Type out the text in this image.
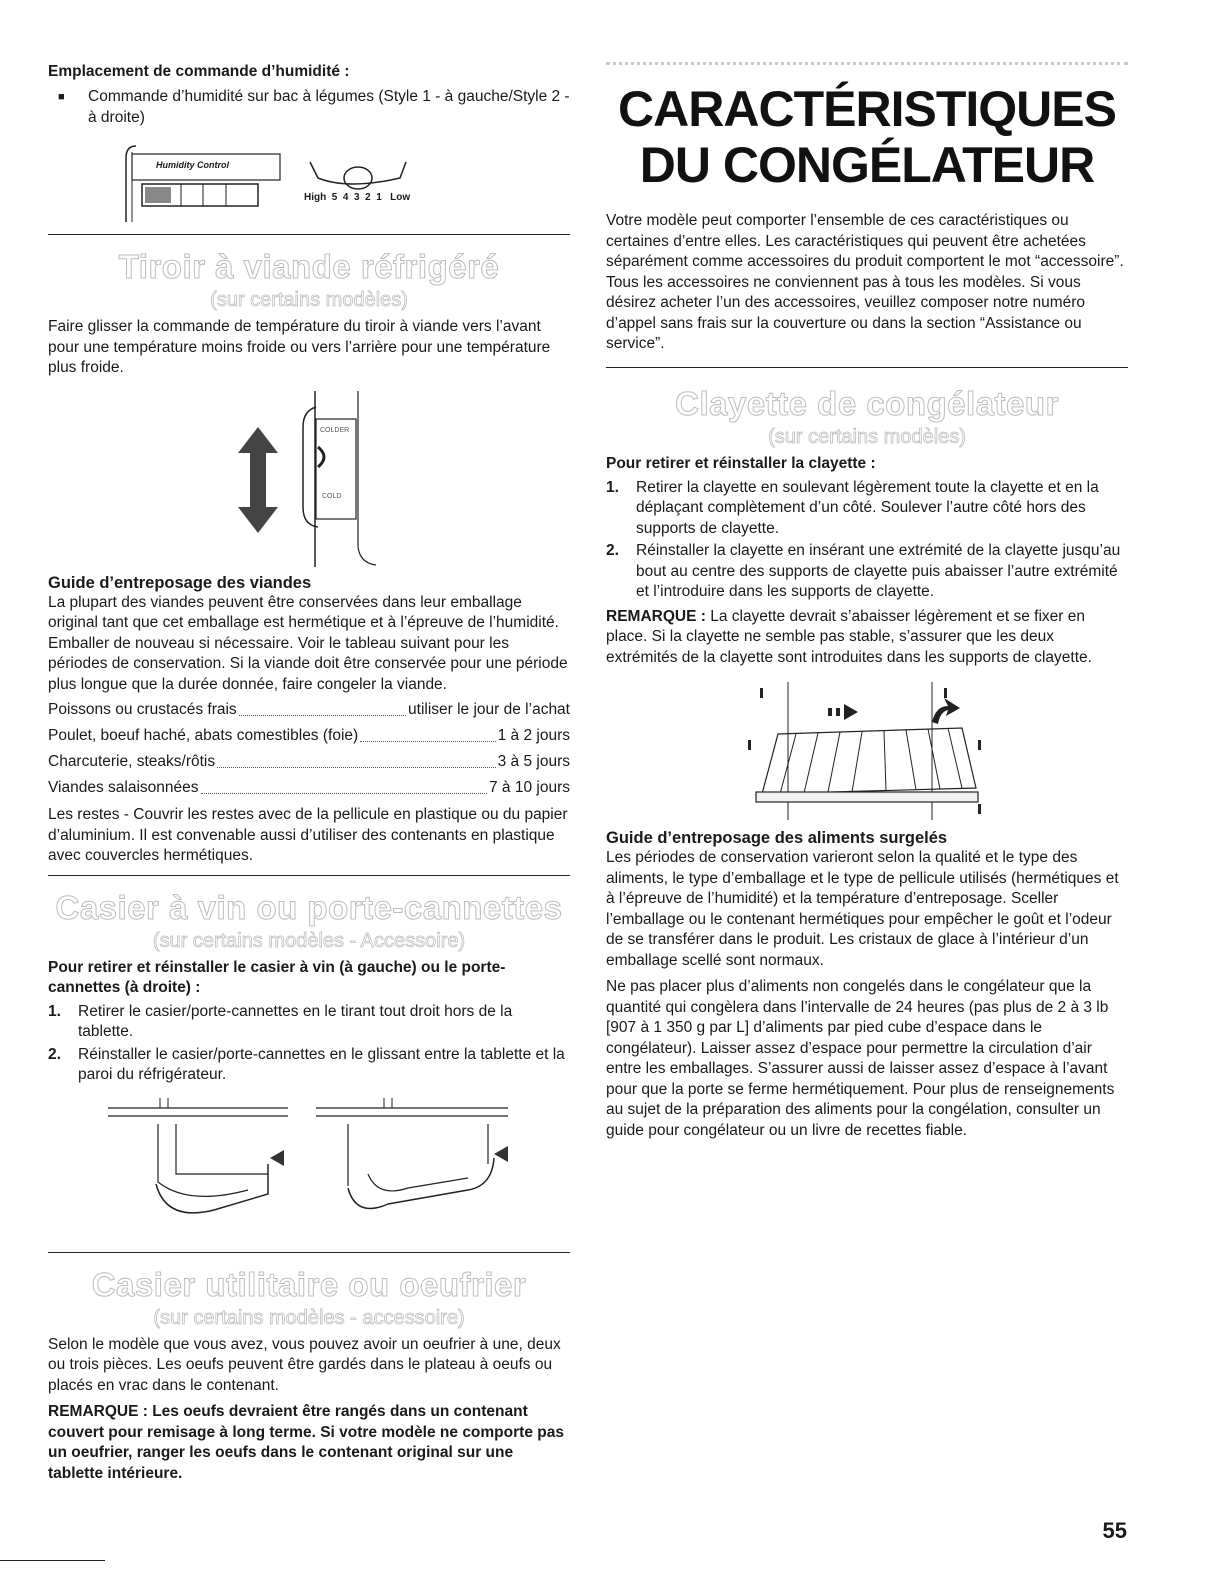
Emplacement de commande d’humidité :

■	Commande d’humidité sur bac à légumes (Style 1 - à gauche/Style 2 - à droite)
Humidity Control
High  5  4  3  2  1   Low

Tiroir à viande réfrigéré

(sur certains modèles)

Faire glisser la commande de température du tiroir à viande vers l’avant pour une température moins froide ou vers l’arrière pour une température plus froide.

COLDER
COLD

Guide d’entreposage des viandes

La plupart des viandes peuvent être conservées dans leur emballage original tant que cet emballage est hermétique et à l’épreuve de l’humidité. Emballer de nouveau si nécessaire. Voir le tableau suivant pour les périodes de conservation. Si la viande doit être conservée pour une période plus longue que la durée donnée, faire congeler la viande.

Poissons ou crustacés frais	utiliser le jour de l’achat
Poulet, boeuf haché, abats comestibles (foie)	1 à 2 jours
Charcuterie, steaks/rôtis	3 à 5 jours
Viandes salaisonnées	7 à 10 jours

Les restes - Couvrir les restes avec de la pellicule en plastique ou du papier d’aluminium. Il est convenable aussi d’utiliser des contenants en plastique avec couvercles hermétiques.

Casier à vin ou porte-cannettes

(sur certains modèles - Accessoire)

Pour retirer et réinstaller le casier à vin (à gauche) ou le porte-cannettes (à droite) :

1.	Retirer le casier/porte-cannettes en le tirant tout droit hors de la tablette.
2.	Réinstaller le casier/porte-cannettes en le glissant entre la tablette et la paroi du réfrigérateur.

Casier utilitaire ou oeufrier

(sur certains modèles - accessoire)

Selon le modèle que vous avez, vous pouvez avoir un oeufrier à une, deux ou trois pièces. Les oeufs peuvent être gardés dans le plateau à oeufs ou placés en vrac dans le contenant.

REMARQUE : Les oeufs devraient être rangés dans un contenant couvert pour remisage à long terme. Si votre modèle ne comporte pas un oeufrier, ranger les oeufs dans le contenant original sur une tablette intérieure.

CARACTÉRISTIQUES

DU CONGÉLATEUR

Votre modèle peut comporter l’ensemble de ces caractéristiques ou certaines d’entre elles. Les caractéristiques qui peuvent être achetées séparément comme accessoires du produit comportent le mot “accessoire”. Tous les accessoires ne conviennent pas à tous les modèles. Si vous désirez acheter l’un des accessoires, veuillez composer notre numéro d’appel sans frais sur la couverture ou dans la section “Assistance ou service”.

Clayette de congélateur

(sur certains modèles)

Pour retirer et réinstaller la clayette :

1.	Retirer la clayette en soulevant légèrement toute la clayette et en la déplaçant complètement d’un côté. Soulever l’autre côté hors des supports de clayette.
2.	Réinstaller la clayette en insérant une extrémité de la clayette jusqu’au bout au centre des supports de clayette puis abaisser l’autre extrémité et l’introduire dans les supports de clayette.

REMARQUE : La clayette devrait s’abaisser légèrement et se fixer en place. Si la clayette ne semble pas stable, s’assurer que les deux extrémités de la clayette sont introduites dans les supports de clayette.

Guide d’entreposage des aliments surgelés

Les périodes de conservation varieront selon la qualité et le type des aliments, le type d’emballage et le type de pellicule utilisés (hermétiques et à l’épreuve de l’humidité) et la température d’entreposage. Sceller l’emballage ou le contenant hermétiques pour empêcher le goût et l’odeur de se transférer dans le produit. Les cristaux de glace à l’intérieur d’un emballage scellé sont normaux.

Ne pas placer plus d’aliments non congelés dans le congélateur que la quantité qui congèlera dans l’intervalle de 24 heures (pas plus de 2 à 3 lb [907 à 1 350 g par L] d’aliments par pied cube d’espace dans le congélateur). Laisser assez d’espace pour permettre la circulation d’air entre les emballages. S’assurer aussi de laisser assez d’espace à l’avant pour que la porte se ferme hermétiquement. Pour plus de renseignements au sujet de la préparation des aliments pour la congélation, consulter un guide pour congélateur ou un livre de recettes fiable.

55
